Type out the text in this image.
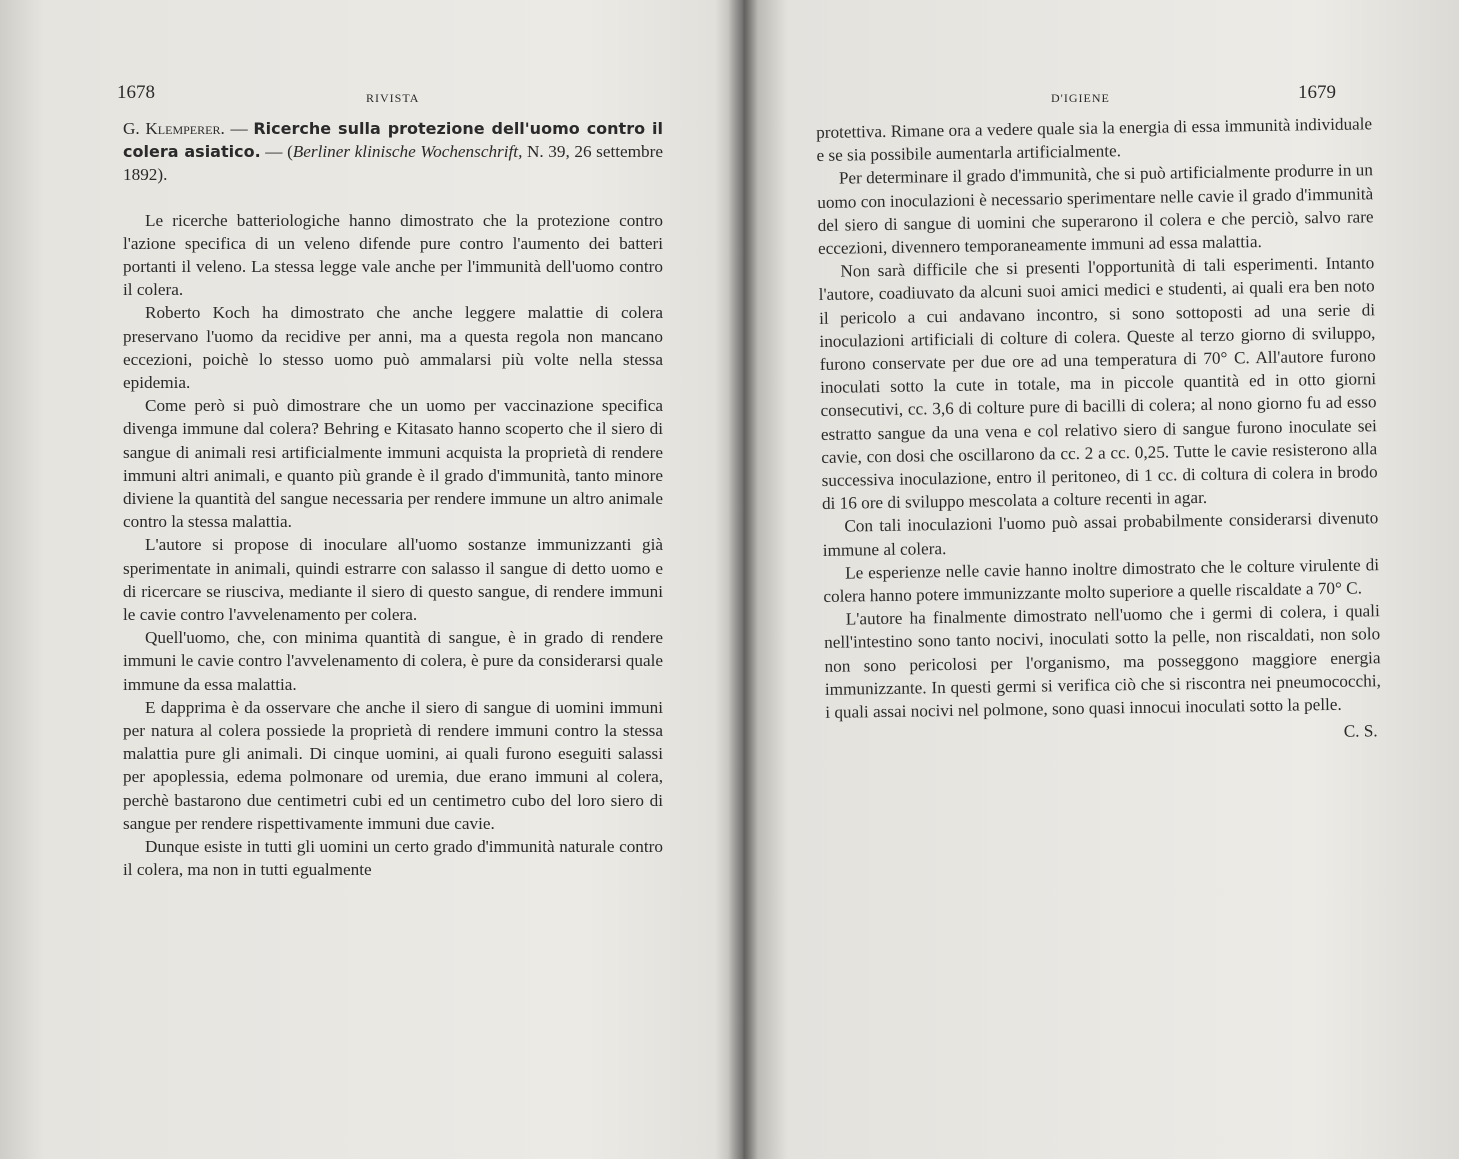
1678	RIVISTA

G. Klemperer. — Ricerche sulla protezione dell'uomo contro il colera asiatico. — (Berliner klinische Wochenschrift, N. 39, 26 settembre 1892).

Le ricerche batteriologiche hanno dimostrato che la protezione contro l'azione specifica di un veleno difende pure contro l'aumento dei batteri portanti il veleno. La stessa legge vale anche per l'immunità dell'uomo contro il colera.

Roberto Koch ha dimostrato che anche leggere malattie di colera preservano l'uomo da recidive per anni, ma a questa regola non mancano eccezioni, poichè lo stesso uomo può ammalarsi più volte nella stessa epidemia.

Come però si può dimostrare che un uomo per vaccinazione specifica divenga immune dal colera? Behring e Kitasato hanno scoperto che il siero di sangue di animali resi artificialmente immuni acquista la proprietà di rendere immuni altri animali, e quanto più grande è il grado d'immunità, tanto minore diviene la quantità del sangue necessaria per rendere immune un altro animale contro la stessa malattia.

L'autore si propose di inoculare all'uomo sostanze immunizzanti già sperimentate in animali, quindi estrarre con salasso il sangue di detto uomo e di ricercare se riusciva, mediante il siero di questo sangue, di rendere immuni le cavie contro l'avvelenamento per colera.

Quell'uomo, che, con minima quantità di sangue, è in grado di rendere immuni le cavie contro l'avvelenamento di colera, è pure da considerarsi quale immune da essa malattia.

E dapprima è da osservare che anche il siero di sangue di uomini immuni per natura al colera possiede la proprietà di rendere immuni contro la stessa malattia pure gli animali. Di cinque uomini, ai quali furono eseguiti salassi per apoplessia, edema polmonare od uremia, due erano immuni al colera, perchè bastarono due centimetri cubi ed un centimetro cubo del loro siero di sangue per rendere rispettivamente immuni due cavie.

Dunque esiste in tutti gli uomini un certo grado d'immunità naturale contro il colera, ma non in tutti egualmente

D'IGIENE	1679

protettiva. Rimane ora a vedere quale sia la energia di essa immunità individuale e se sia possibile aumentarla artificialmente.

Per determinare il grado d'immunità, che si può artificialmente produrre in un uomo con inoculazioni è necessario sperimentare nelle cavie il grado d'immunità del siero di sangue di uomini che superarono il colera e che perciò, salvo rare eccezioni, divennero temporaneamente immuni ad essa malattia.

Non sarà difficile che si presenti l'opportunità di tali esperimenti. Intanto l'autore, coadiuvato da alcuni suoi amici medici e studenti, ai quali era ben noto il pericolo a cui andavano incontro, si sono sottoposti ad una serie di inoculazioni artificiali di colture di colera. Queste al terzo giorno di sviluppo, furono conservate per due ore ad una temperatura di 70° C. All'autore furono inoculati sotto la cute in totale, ma in piccole quantità ed in otto giorni consecutivi, cc. 3,6 di colture pure di bacilli di colera; al nono giorno fu ad esso estratto sangue da una vena e col relativo siero di sangue furono inoculate sei cavie, con dosi che oscillarono da cc. 2 a cc. 0,25. Tutte le cavie resisterono alla successiva inoculazione, entro il peritoneo, di 1 cc. di coltura di colera in brodo di 16 ore di sviluppo mescolata a colture recenti in agar.

Con tali inoculazioni l'uomo può assai probabilmente considerarsi divenuto immune al colera.

Le esperienze nelle cavie hanno inoltre dimostrato che le colture virulente di colera hanno potere immunizzante molto superiore a quelle riscaldate a 70° C.

L'autore ha finalmente dimostrato nell'uomo che i germi di colera, i quali nell'intestino sono tanto nocivi, inoculati sotto la pelle, non riscaldati, non solo non sono pericolosi per l'organismo, ma posseggono maggiore energia immunizzante. In questi germi si verifica ciò che si riscontra nei pneumococchi, i quali assai nocivi nel polmone, sono quasi innocui inoculati sotto la pelle.

C. S.
